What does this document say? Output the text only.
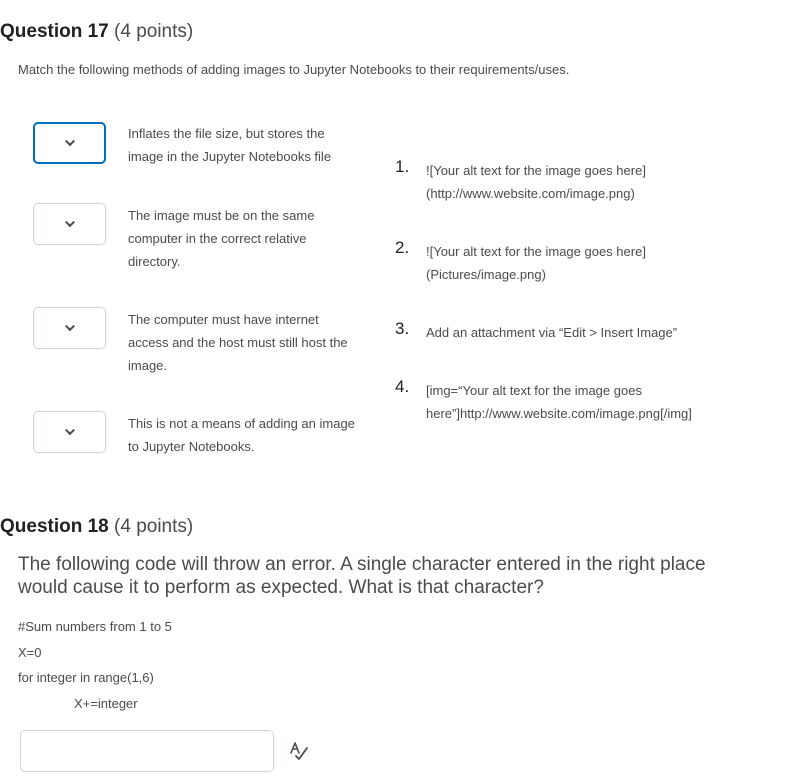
Question 17 (4 points)
Match the following methods of adding images to Jupyter Notebooks to their requirements/uses.
Inflates the file size, but stores the
image in the Jupyter Notebooks file
The image must be on the same
computer in the correct relative
directory.
The computer must have internet
access and the host must still host the
image.
This is not a means of adding an image
to Jupyter Notebooks.
1. ![Your alt text for the image goes here]
(http://www.website.com/image.png)
2. ![Your alt text for the image goes here]
(Pictures/image.png)
3. Add an attachment via “Edit > Insert Image”
4. [img=“Your alt text for the image goes
here”]http://www.website.com/image.png[/img]
Question 18 (4 points)
The following code will throw an error. A single character entered in the right place
would cause it to perform as expected. What is that character?
#Sum numbers from 1 to 5
X=0
for integer in range(1,6)
X+=integer
